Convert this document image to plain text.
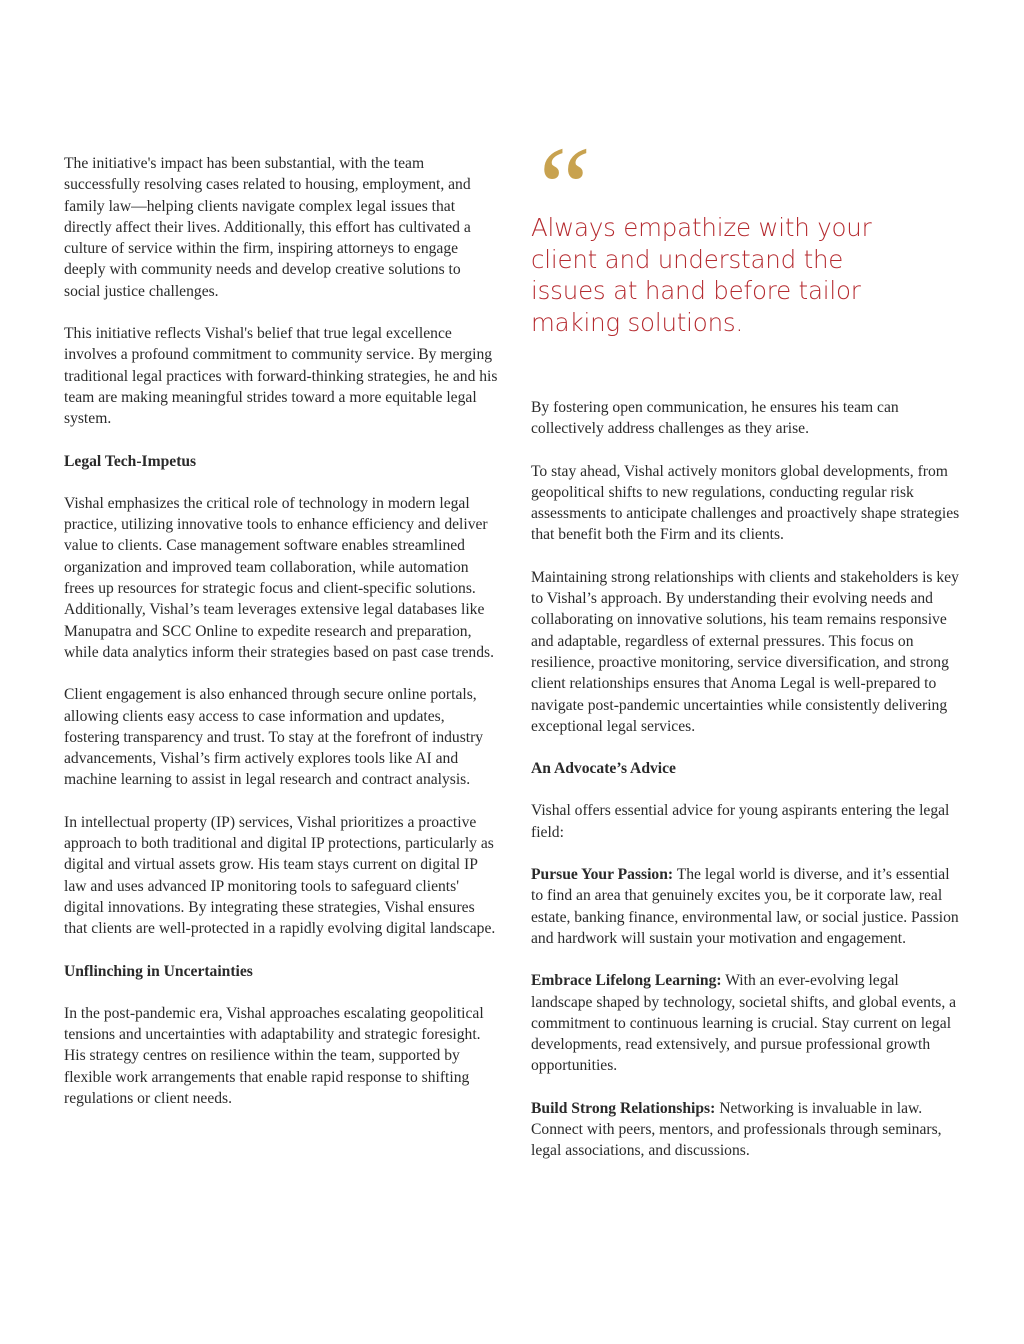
The initiative's impact has been substantial, with the team successfully resolving cases related to housing, employment, and family law—helping clients navigate complex legal issues that directly affect their lives. Additionally, this effort has cultivated a culture of service within the firm, inspiring attorneys to engage deeply with community needs and develop creative solutions to social justice challenges.

This initiative reflects Vishal's belief that true legal excellence involves a profound commitment to community service. By merging traditional legal practices with forward-thinking strategies, he and his team are making meaningful strides toward a more equitable legal system.

Legal Tech-Impetus

Vishal emphasizes the critical role of technology in modern legal practice, utilizing innovative tools to enhance efficiency and deliver value to clients. Case management software enables streamlined organization and improved team collaboration, while automation frees up resources for strategic focus and client-specific solutions. Additionally, Vishal’s team leverages extensive legal databases like Manupatra and SCC Online to expedite research and preparation, while data analytics inform their strategies based on past case trends.

Client engagement is also enhanced through secure online portals, allowing clients easy access to case information and updates, fostering transparency and trust. To stay at the forefront of industry advancements, Vishal’s firm actively explores tools like AI and machine learning to assist in legal research and contract analysis.

In intellectual property (IP) services, Vishal prioritizes a proactive approach to both traditional and digital IP protections, particularly as digital and virtual assets grow. His team stays current on digital IP law and uses advanced IP monitoring tools to safeguard clients' digital innovations. By integrating these strategies, Vishal ensures that clients are well-protected in a rapidly evolving digital landscape.

Unflinching in Uncertainties

In the post-pandemic era, Vishal approaches escalating geopolitical tensions and uncertainties with adaptability and strategic foresight. His strategy centres on resilience within the team, supported by flexible work arrangements that enable rapid response to shifting regulations or client needs.

“

Always empathize with your client and understand the issues at hand before tailor making solutions.

By fostering open communication, he ensures his team can collectively address challenges as they arise.

To stay ahead, Vishal actively monitors global developments, from geopolitical shifts to new regulations, conducting regular risk assessments to anticipate challenges and proactively shape strategies that benefit both the Firm and its clients.

Maintaining strong relationships with clients and stakeholders is key to Vishal’s approach. By understanding their evolving needs and collaborating on innovative solutions, his team remains responsive and adaptable, regardless of external pressures. This focus on resilience, proactive monitoring, service diversification, and strong client relationships ensures that Anoma Legal is well-prepared to navigate post-pandemic uncertainties while consistently delivering exceptional legal services.

An Advocate’s Advice

Vishal offers essential advice for young aspirants entering the legal field:

Pursue Your Passion: The legal world is diverse, and it’s essential to find an area that genuinely excites you, be it corporate law, real estate, banking finance, environmental law, or social justice. Passion and hardwork will sustain your motivation and engagement.

Embrace Lifelong Learning: With an ever-evolving legal landscape shaped by technology, societal shifts, and global events, a commitment to continuous learning is crucial. Stay current on legal developments, read extensively, and pursue professional growth opportunities.

Build Strong Relationships: Networking is invaluable in law. Connect with peers, mentors, and professionals through seminars, legal associations, and discussions.
